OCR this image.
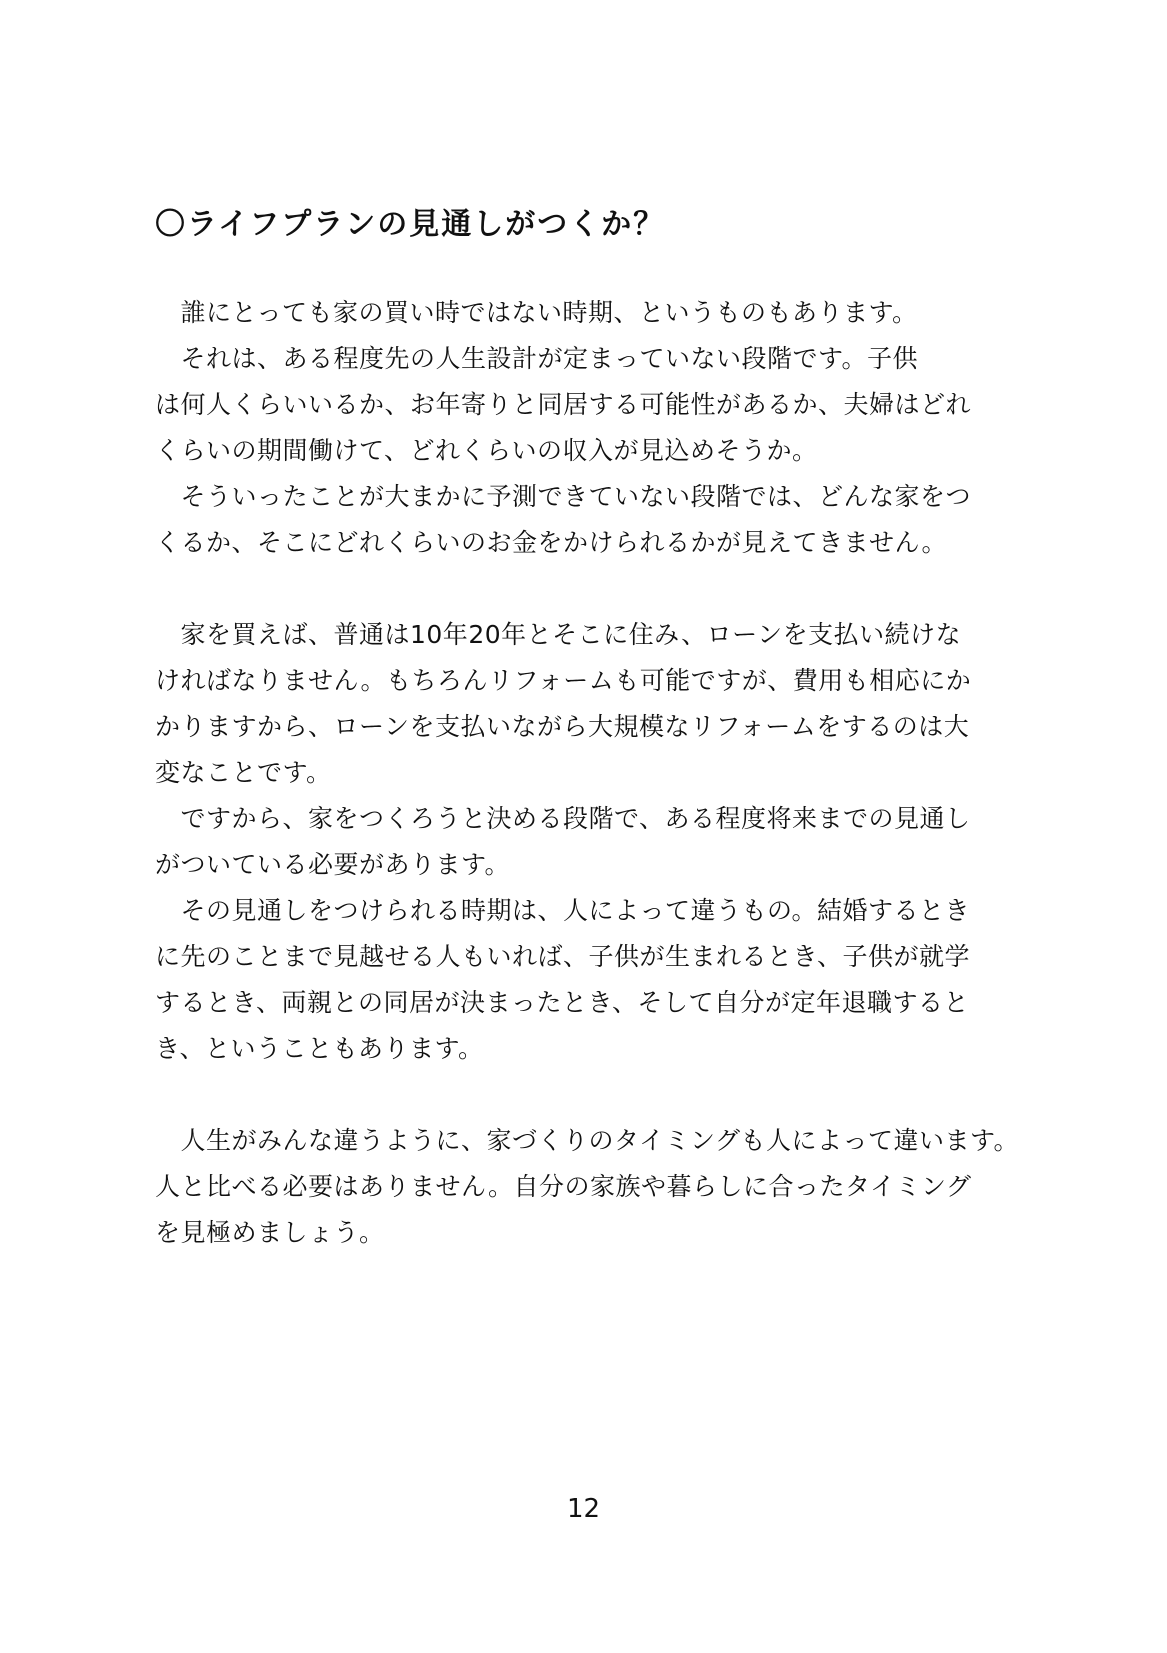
〇ライフプランの見通しがつくか？
　誰にとっても家の買い時ではない時期、というものもあります。
　それは、ある程度先の人生設計が定まっていない段階です。子供
は何人くらいいるか、お年寄りと同居する可能性があるか、夫婦はどれ
くらいの期間働けて、どれくらいの収入が見込めそうか。
　そういったことが大まかに予測できていない段階では、どんな家をつ
くるか、そこにどれくらいのお金をかけられるかが見えてきません。
　家を買えば、普通は10年20年とそこに住み、ローンを支払い続けな
ければなりません。もちろんリフォームも可能ですが、費用も相応にか
かりますから、ローンを支払いながら大規模なリフォームをするのは大
変なことです。
　ですから、家をつくろうと決める段階で、ある程度将来までの見通し
がついている必要があります。
　その見通しをつけられる時期は、人によって違うもの。結婚するとき
に先のことまで見越せる人もいれば、子供が生まれるとき、子供が就学
するとき、両親との同居が決まったとき、そして自分が定年退職すると
き、ということもあります。
　人生がみんな違うように、家づくりのタイミングも人によって違います。
人と比べる必要はありません。自分の家族や暮らしに合ったタイミング
を見極めましょう。
12
